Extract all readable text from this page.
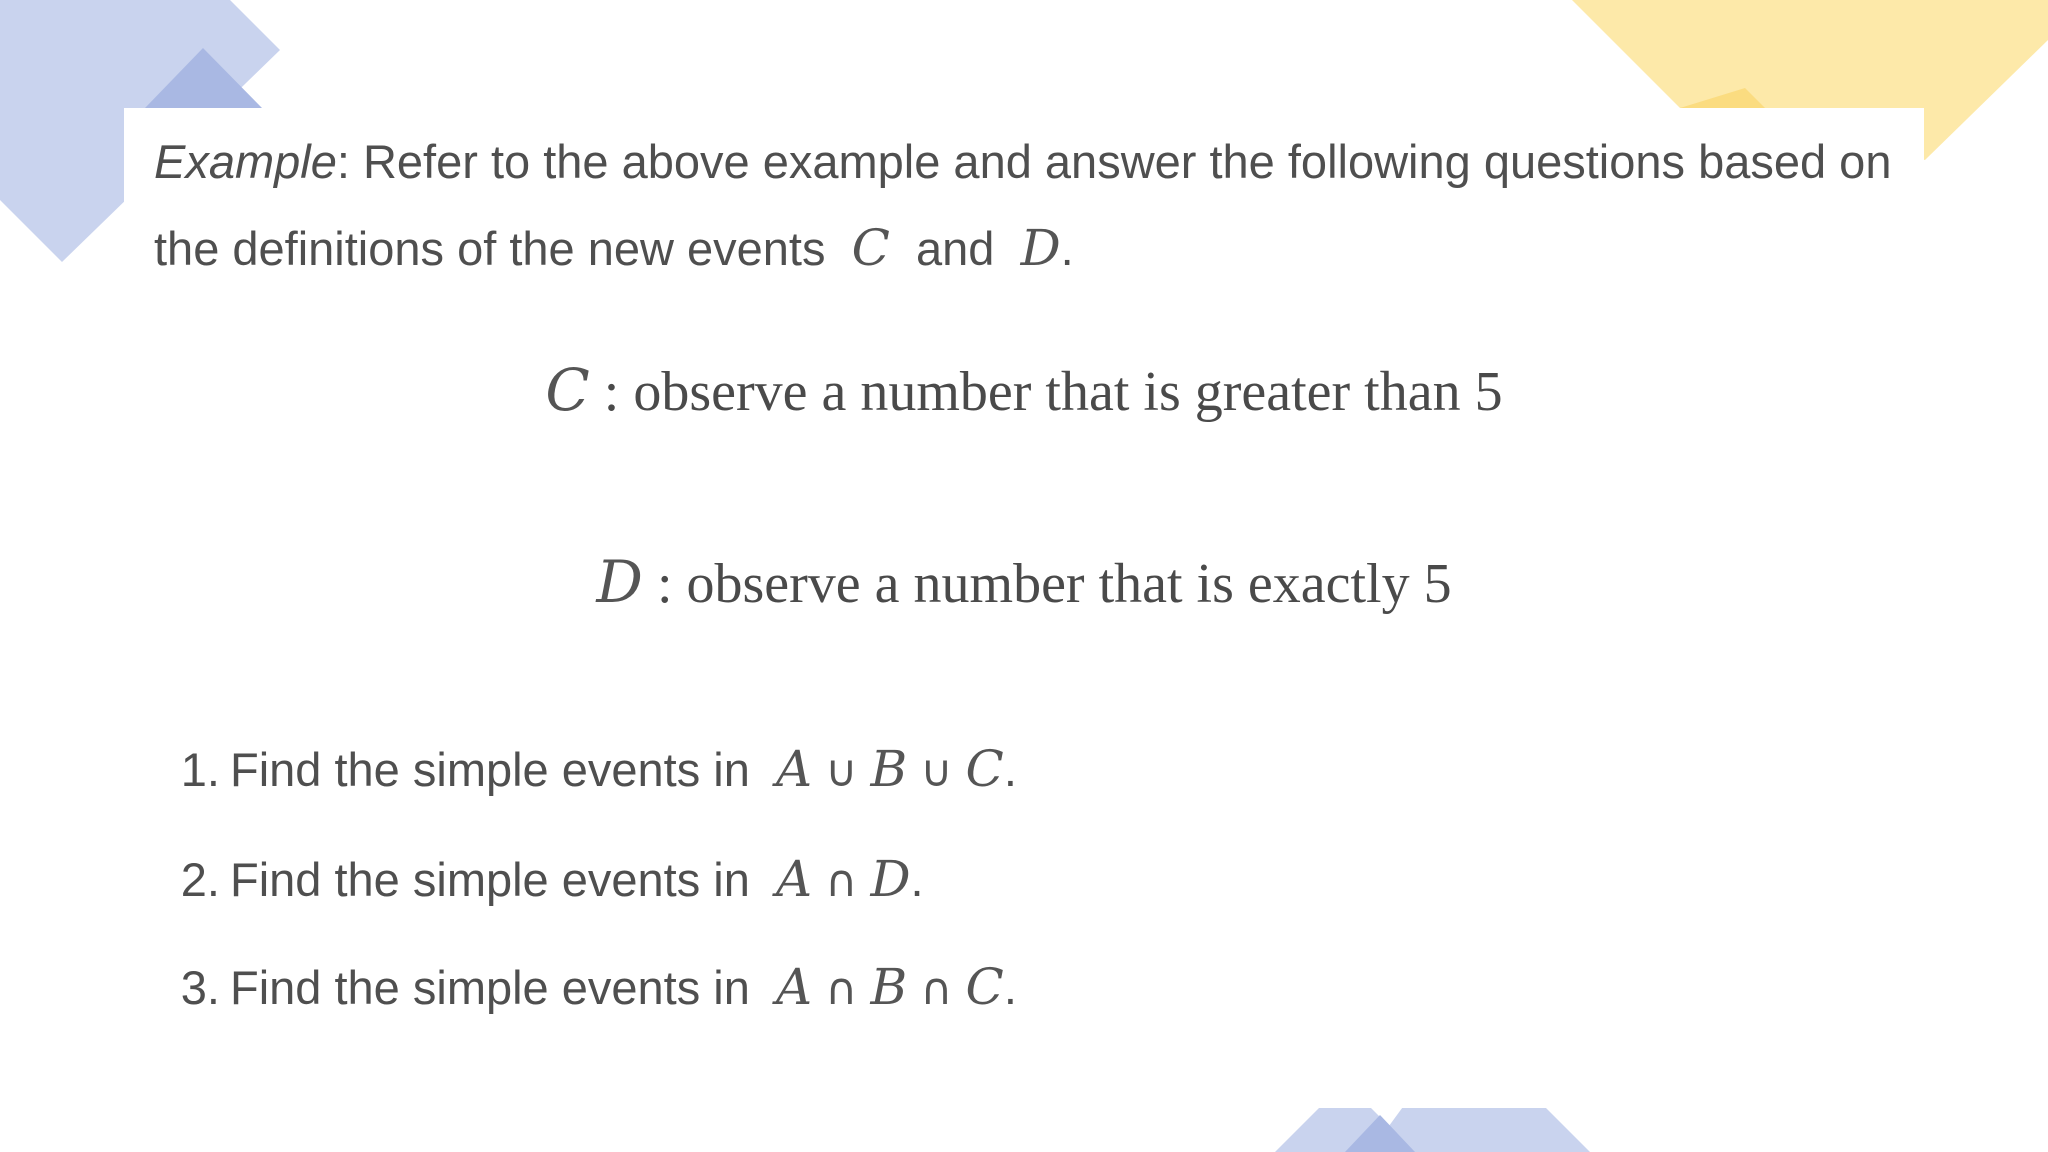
Example: Refer to the above example and answer the following questions based on the definitions of the new events C and D.
C : observe a number that is greater than 5
D : observe a number that is exactly 5
1. Find the simple events in A ∪ B ∪ C.
2. Find the simple events in A ∩ D.
3. Find the simple events in A ∩ B ∩ C.
